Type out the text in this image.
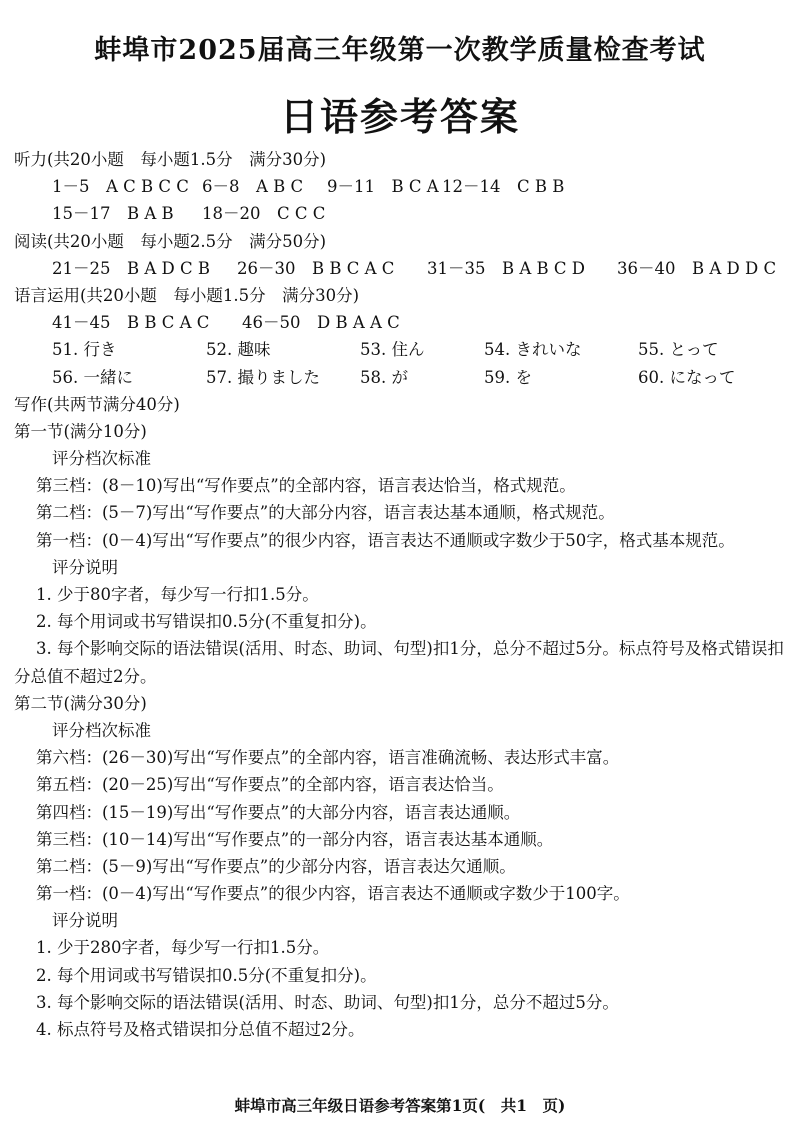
蚌埠市2025届高三年级第一次教学质量检查考试
日语参考答案
听力(共20小题　每小题1.5分　满分30分)
1－5　A C B C C 6－8　A B C 9－11　B C A 12－14　C B B
15－17　B A B 18－20　C C C
阅读(共20小题　每小题2.5分　满分50分)
21－25　B A D C B 26－30　B B C A C 31－35　B A B C D 36－40　B A D D C
语言运用(共20小题　每小题1.5分　满分30分)
41－45　B B C A C 46－50　D B A A C
51. 行き	52. 趣味	53. 住ん	54. きれいな	55. とって
56. 一緒に	57. 撮りました 58. が	59. を	60. になって
写作(共两节满分40分)
第一节(满分10分)
评分档次标准
第三档：(8－10)写出“写作要点”的全部内容，语言表达恰当，格式规范。
第二档：(5－7)写出“写作要点”的大部分内容，语言表达基本通顺，格式规范。
第一档：(0－4)写出“写作要点”的很少内容，语言表达不通顺或字数少于50字，格式基本规范。
评分说明
1. 少于80字者，每少写一行扣1.5分。
2. 每个用词或书写错误扣0.5分(不重复扣分)。
3. 每个影响交际的语法错误(活用、时态、助词、句型)扣1分，总分不超过5分。标点符号及格式错误扣分总值不超过2分。
第二节(满分30分)
评分档次标准
第六档：(26－30)写出“写作要点”的全部内容，语言准确流畅、表达形式丰富。
第五档：(20－25)写出“写作要点”的全部内容，语言表达恰当。
第四档：(15－19)写出“写作要点”的大部分内容，语言表达通顺。
第三档：(10－14)写出“写作要点”的一部分内容，语言表达基本通顺。
第二档：(5－9)写出“写作要点”的少部分内容，语言表达欠通顺。
第一档：(0－4)写出“写作要点”的很少内容，语言表达不通顺或字数少于100字。
评分说明
1. 少于280字者，每少写一行扣1.5分。
2. 每个用词或书写错误扣0.5分(不重复扣分)。
3. 每个影响交际的语法错误(活用、时态、助词、句型)扣1分，总分不超过5分。
4. 标点符号及格式错误扣分总值不超过2分。
蚌埠市高三年级日语参考答案第1页(　共1　页)
